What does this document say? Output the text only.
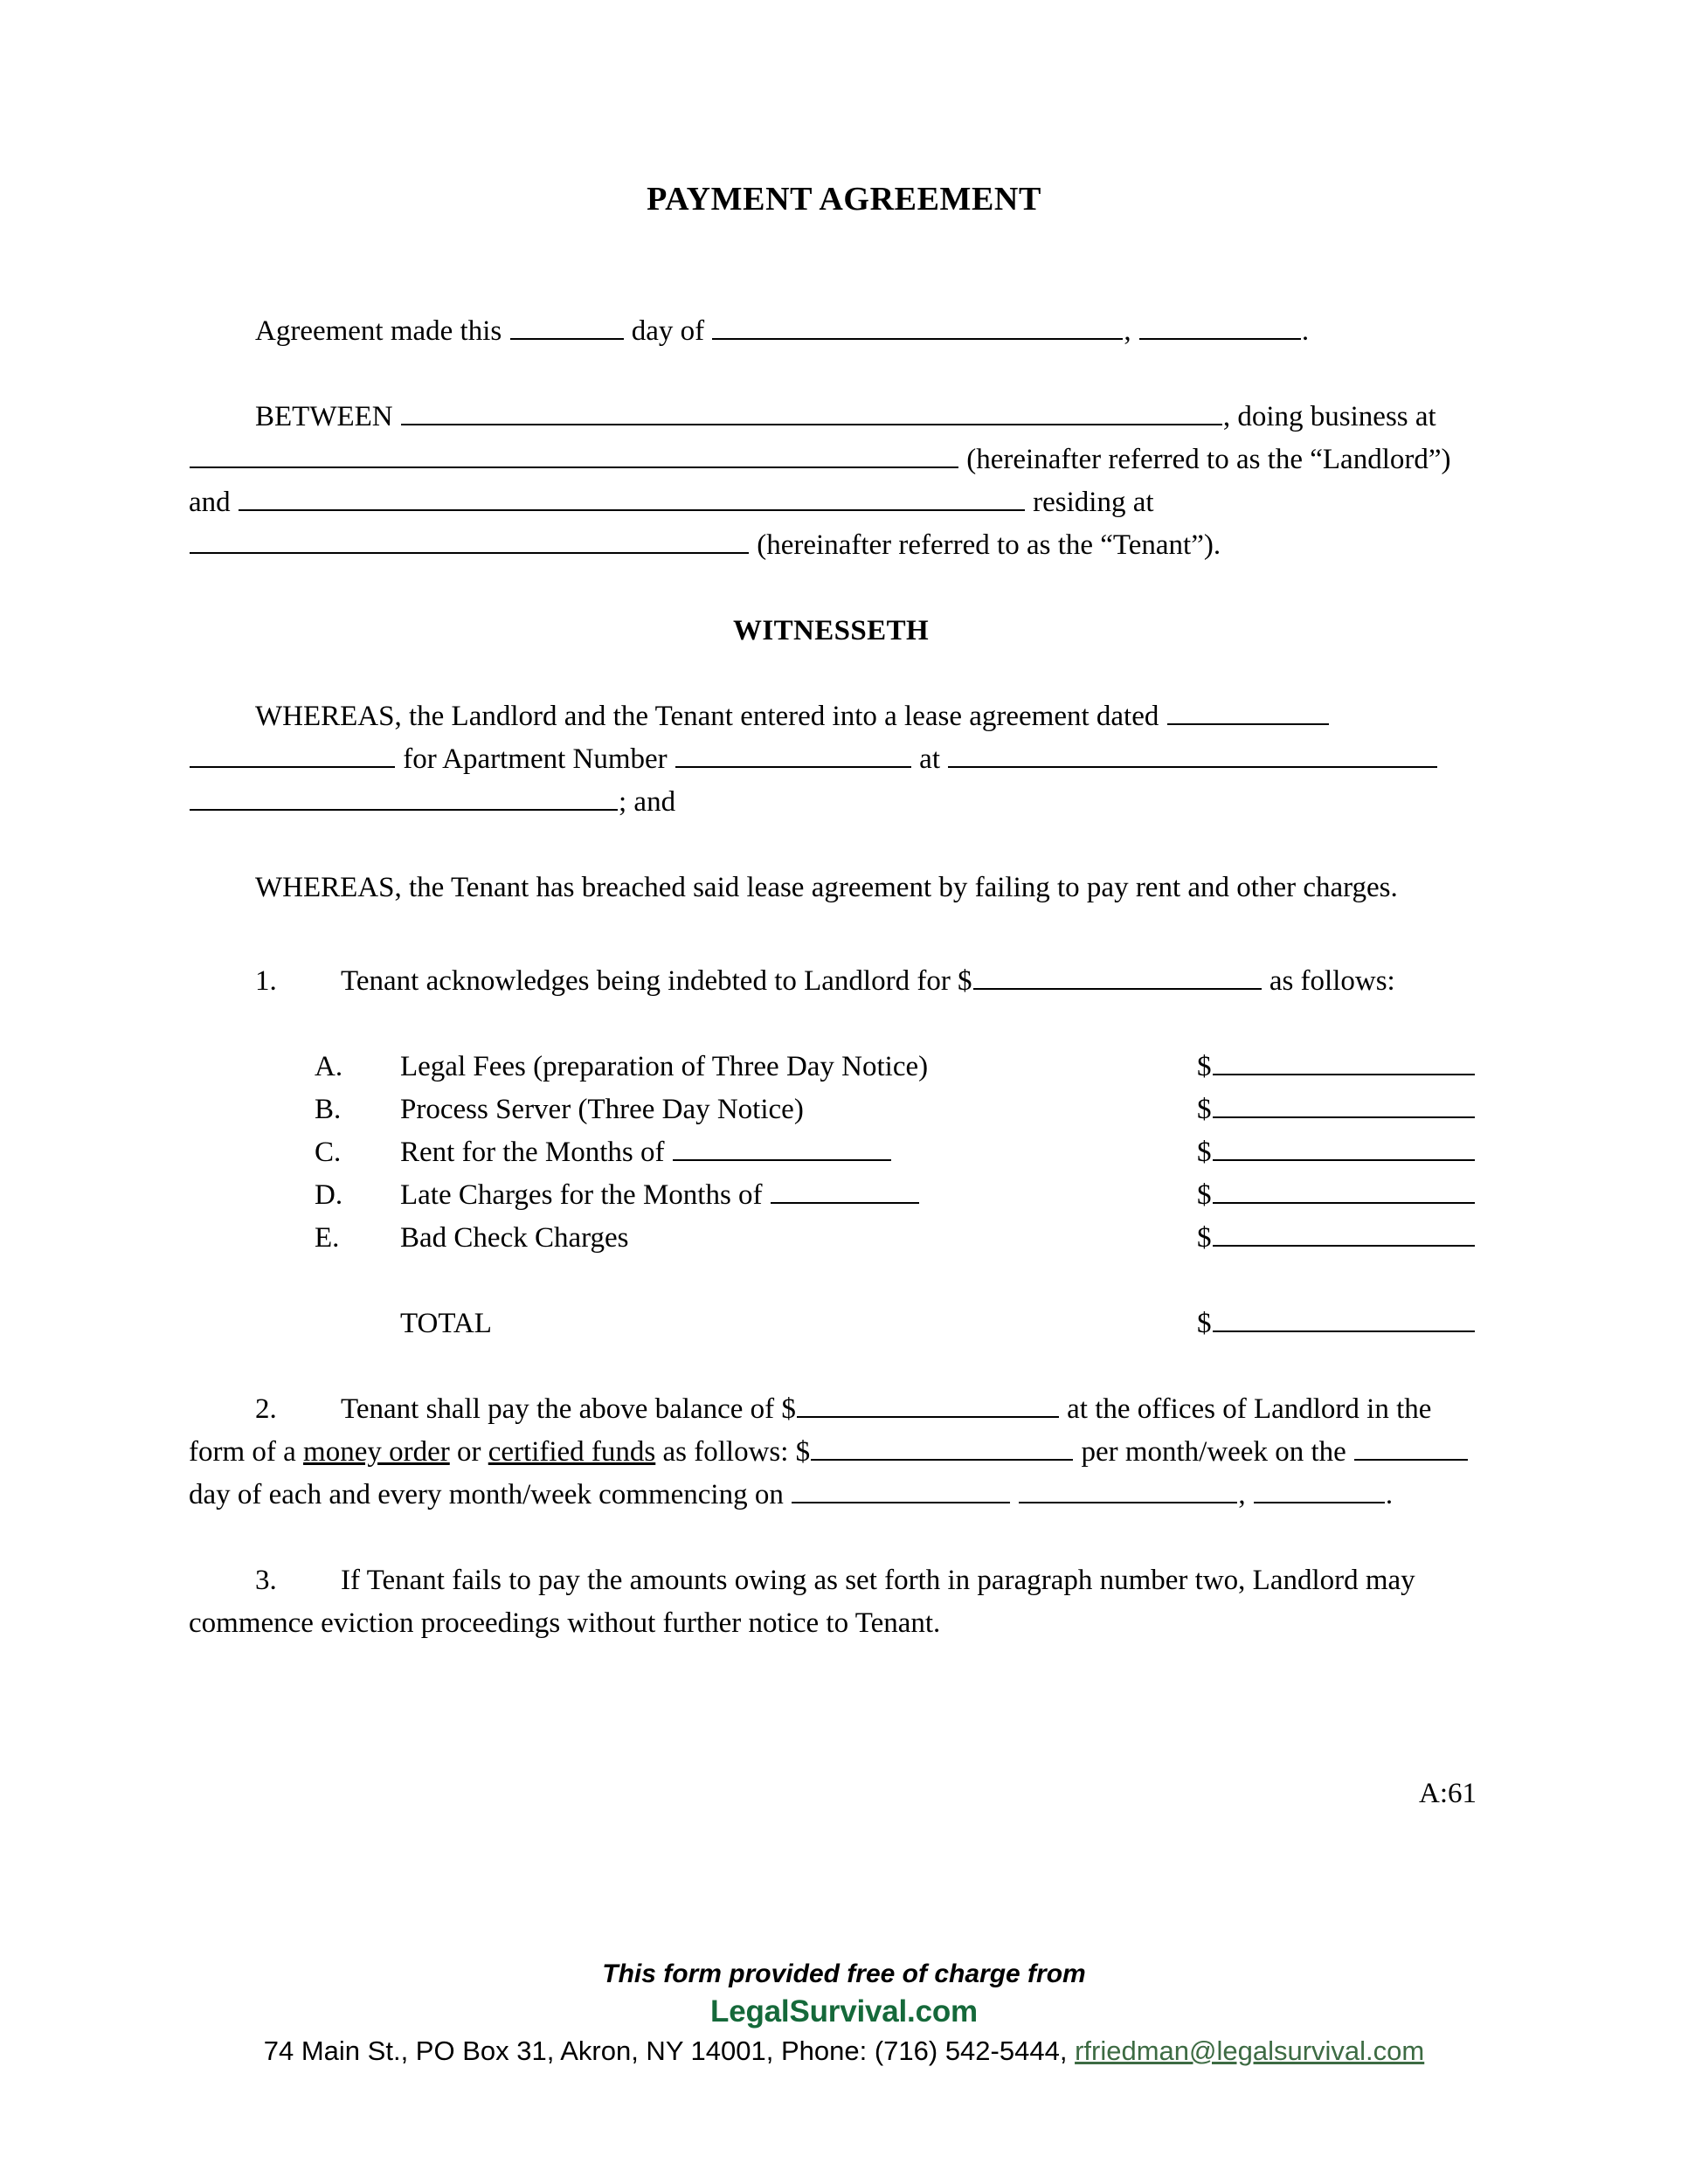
PAYMENT AGREEMENT

Agreement made this	day of	,	.

BETWEEN	, doing business at  (hereinafter referred to as the “Landlord”) and	residing at  (hereinafter referred to as the “Tenant”).

WITNESSETH

WHEREAS, the Landlord and the Tenant entered into a lease agreement dated   for Apartment Number	at  ; and

WHEREAS, the Tenant has breached said lease agreement by failing to pay rent and other charges.

1. Tenant acknowledges being indebted to Landlord for $	as follows:

A.	Legal Fees (preparation of Three Day Notice)	$
B.	Process Server (Three Day Notice)	$
C.	Rent for the Months of	$
D.	Late Charges for the Months of	$
E.	Bad Check Charges	$
TOTAL	$

2. Tenant shall pay the above balance of $	at the offices of Landlord in the form of a money order or certified funds as follows: $	per month/week on the  day of each and every month/week commencing on	,	.

3. If Tenant fails to pay the amounts owing as set forth in paragraph number two, Landlord may commence eviction proceedings without further notice to Tenant.

A:61
This form provided free of charge from
LegalSurvival.com
74 Main St., PO Box 31, Akron, NY 14001, Phone: (716) 542-5444, rfriedman@legalsurvival.com
